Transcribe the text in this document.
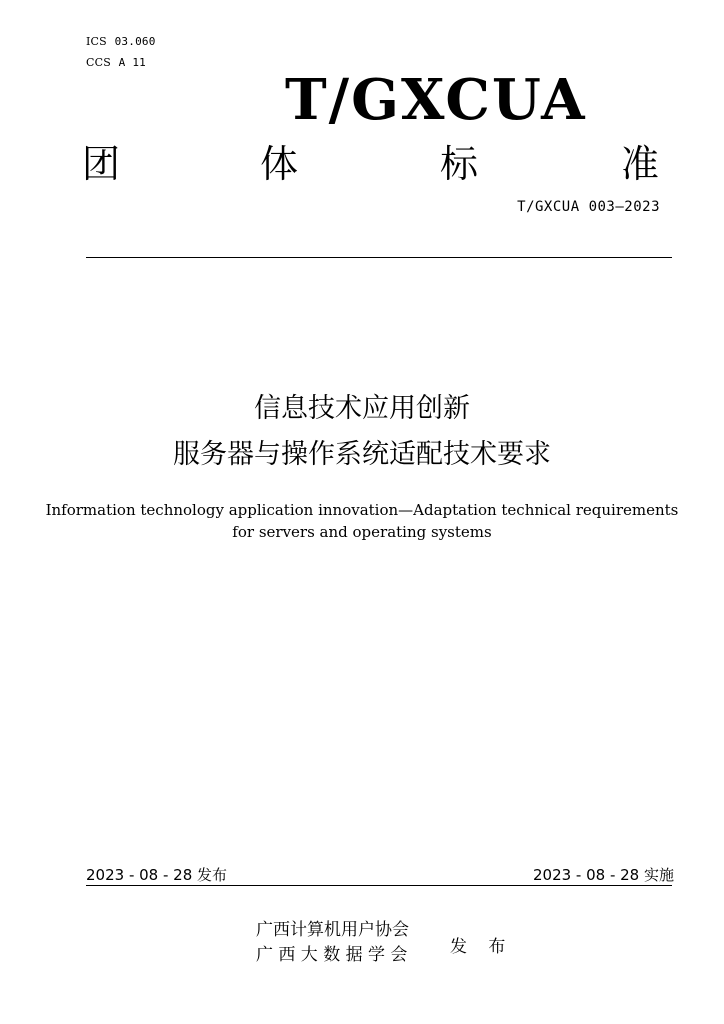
ICS 03.060
CCS A 11
T/GXCUA
团	体	标	准
T/GXCUA 003—2023
信息技术应用创新
服务器与操作系统适配技术要求
Information technology application innovation—Adaptation technical requirements
for servers and operating systems
2023 - 08 - 28 发布	2023 - 08 - 28 实施
广西计算机用户协会
广 西 大 数 据 学 会	发 布
